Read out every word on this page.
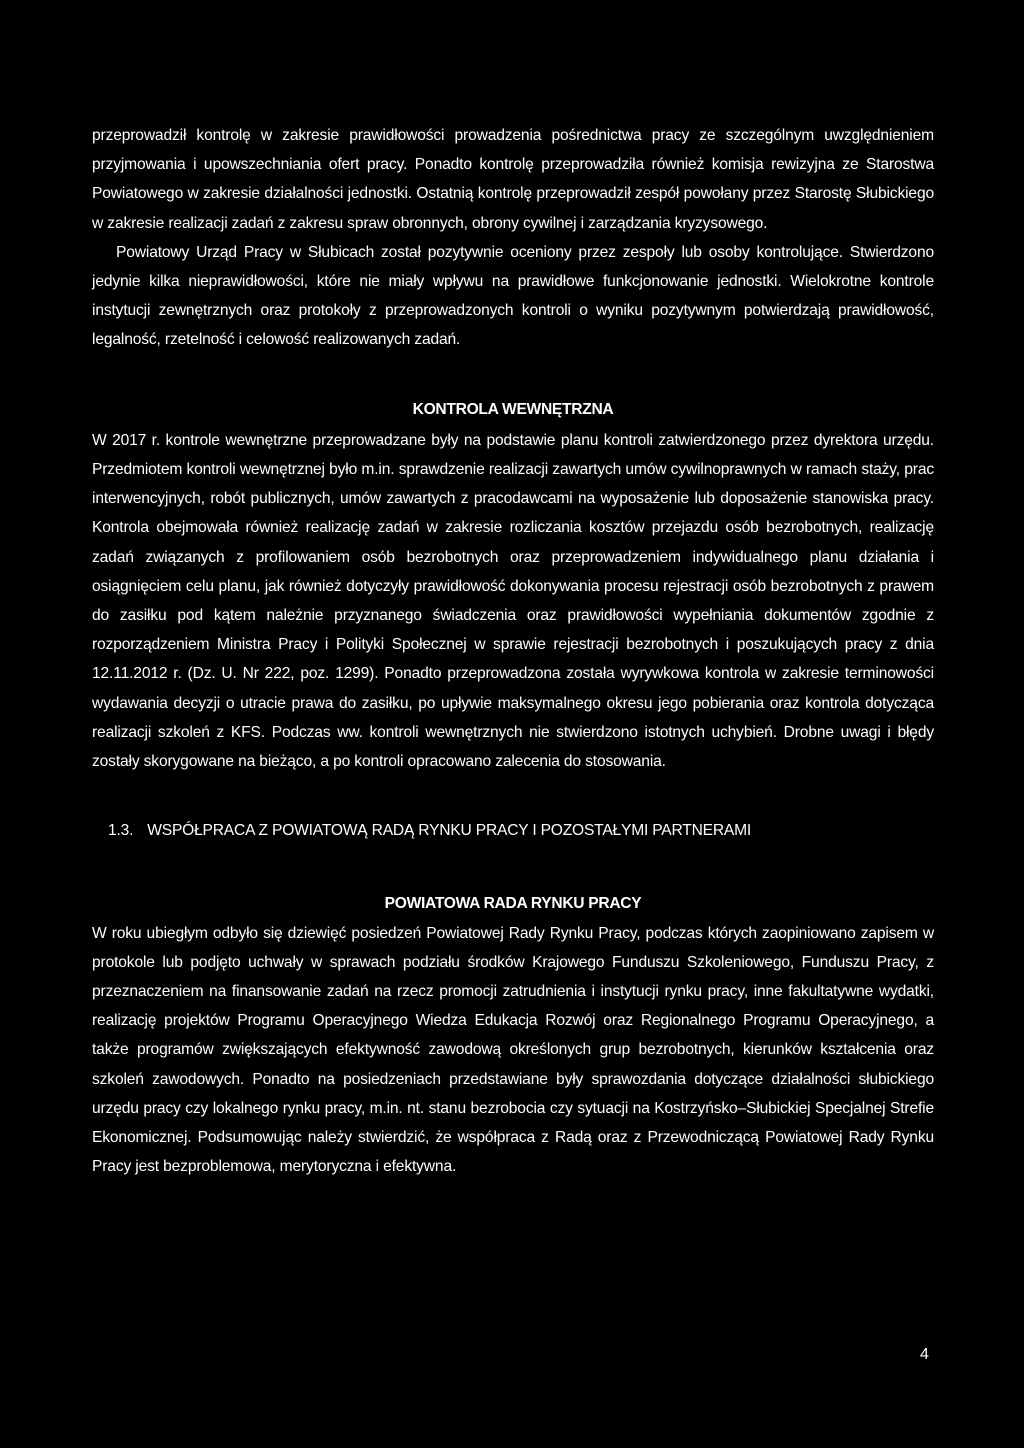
przeprowadził kontrolę w zakresie prawidłowości prowadzenia pośrednictwa pracy ze szczególnym uwzględnieniem przyjmowania i upowszechniania ofert pracy. Ponadto kontrolę przeprowadziła również komisja rewizyjna ze Starostwa Powiatowego w zakresie działalności jednostki. Ostatnią kontrolę przeprowadził zespół powołany przez Starostę Słubickiego w zakresie realizacji zadań z zakresu spraw obronnych, obrony cywilnej i zarządzania kryzysowego.

Powiatowy Urząd Pracy w Słubicach został pozytywnie oceniony przez zespoły lub osoby kontrolujące. Stwierdzono jedynie kilka nieprawidłowości, które nie miały wpływu na prawidłowe funkcjonowanie jednostki. Wielokrotne kontrole instytucji zewnętrznych oraz protokoły z przeprowadzonych kontroli o wyniku pozytywnym potwierdzają prawidłowość, legalność, rzetelność i celowość realizowanych zadań.

KONTROLA WEWNĘTRZNA

W 2017 r. kontrole wewnętrzne przeprowadzane były na podstawie planu kontroli zatwierdzonego przez dyrektora urzędu. Przedmiotem kontroli wewnętrznej było m.in. sprawdzenie realizacji zawartych umów cywilnoprawnych w ramach staży, prac interwencyjnych, robót publicznych, umów zawartych z pracodawcami na wyposażenie lub doposażenie stanowiska pracy. Kontrola obejmowała również realizację zadań w zakresie rozliczania kosztów przejazdu osób bezrobotnych, realizację zadań związanych z profilowaniem osób bezrobotnych oraz przeprowadzeniem indywidualnego planu działania i osiągnięciem celu planu, jak również dotyczyły prawidłowość dokonywania procesu rejestracji osób bezrobotnych z prawem do zasiłku pod kątem należnie przyznanego świadczenia oraz prawidłowości wypełniania dokumentów zgodnie z rozporządzeniem Ministra Pracy i Polityki Społecznej w sprawie rejestracji bezrobotnych i poszukujących pracy z dnia 12.11.2012 r. (Dz. U. Nr 222, poz. 1299). Ponadto przeprowadzona została wyrywkowa kontrola w zakresie terminowości wydawania decyzji o utracie prawa do zasiłku, po upływie maksymalnego okresu jego pobierania oraz kontrola dotycząca realizacji szkoleń z KFS. Podczas ww. kontroli wewnętrznych nie stwierdzono istotnych uchybień. Drobne uwagi i błędy zostały skorygowane na bieżąco, a po kontroli opracowano zalecenia do stosowania.

1.3. WSPÓŁPRACA Z POWIATOWĄ RADĄ RYNKU PRACY I POZOSTAŁYMI PARTNERAMI
POWIATOWA RADA RYNKU PRACY

W roku ubiegłym odbyło się dziewięć posiedzeń Powiatowej Rady Rynku Pracy, podczas których zaopiniowano zapisem w protokole lub podjęto uchwały w sprawach podziału środków Krajowego Funduszu Szkoleniowego, Funduszu Pracy, z przeznaczeniem na finansowanie zadań na rzecz promocji zatrudnienia i instytucji rynku pracy, inne fakultatywne wydatki, realizację projektów Programu Operacyjnego Wiedza Edukacja Rozwój oraz Regionalnego Programu Operacyjnego, a także programów zwiększających efektywność zawodową określonych grup bezrobotnych, kierunków kształcenia oraz szkoleń zawodowych. Ponadto na posiedzeniach przedstawiane były sprawozdania dotyczące działalności słubickiego urzędu pracy czy lokalnego rynku pracy, m.in. nt. stanu bezrobocia czy sytuacji na Kostrzyńsko–Słubickiej Specjalnej Strefie Ekonomicznej. Podsumowując należy stwierdzić, że współpraca z Radą oraz z Przewodniczącą Powiatowej Rady Rynku Pracy jest bezproblemowa, merytoryczna i efektywna.

4
